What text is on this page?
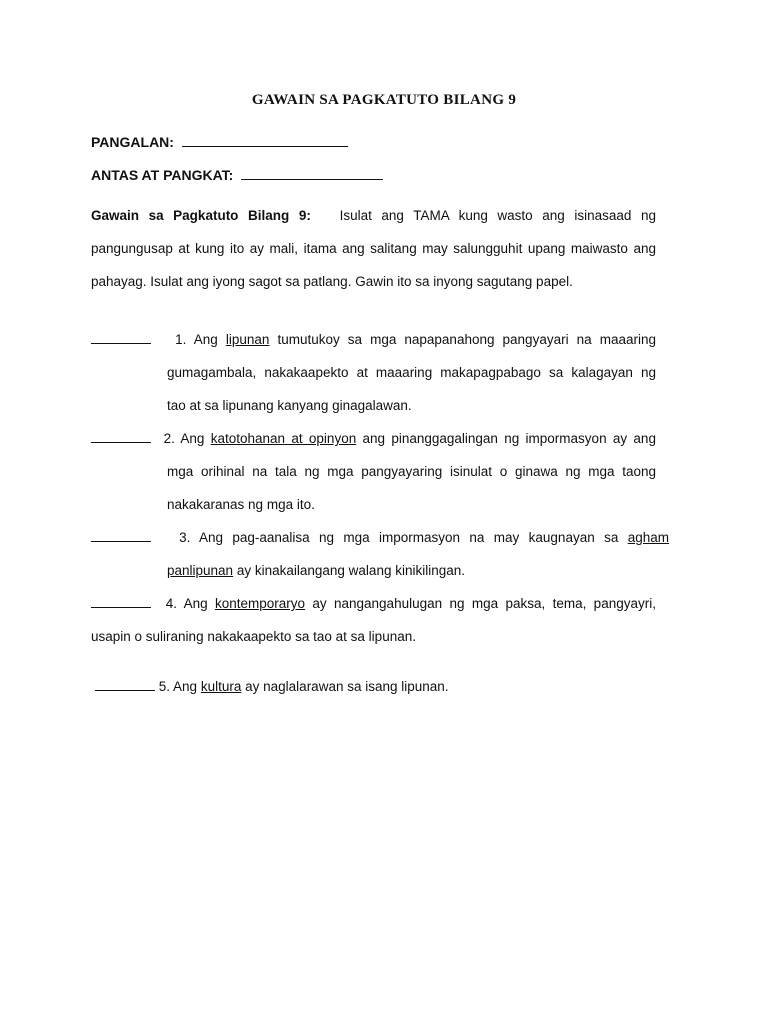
GAWAIN SA PAGKATUTO BILANG 9
PANGALAN:
ANTAS AT PANGKAT:
Gawain sa Pagkatuto Bilang 9: Isulat ang TAMA kung wasto ang isinasaad ng
pangungusap at kung ito ay mali, itama ang salitang may salungguhit upang maiwasto ang
pahayag. Isulat ang iyong sagot sa patlang. Gawin ito sa inyong sagutang papel.
1. Ang lipunan tumutukoy sa mga napapanahong pangyayari na maaaring
gumagambala, nakakaapekto at maaaring makapagpabago sa kalagayan ng
tao at sa lipunang kanyang ginagalawan.
2. Ang katotohanan at opinyon ang pinanggagalingan ng impormasyon ay ang
mga orihinal na tala ng mga pangyayaring isinulat o ginawa ng mga taong
nakakaranas ng mga ito.
3. Ang pag-aanalisa ng mga impormasyon na may kaugnayan sa agham
panlipunan ay kinakailangang walang kinikilingan.
4. Ang kontemporaryo ay nangangahulugan ng mga paksa, tema, pangyayri,
usapin o suliraning nakakaapekto sa tao at sa lipunan.
5. Ang kultura ay naglalarawan sa isang lipunan.
